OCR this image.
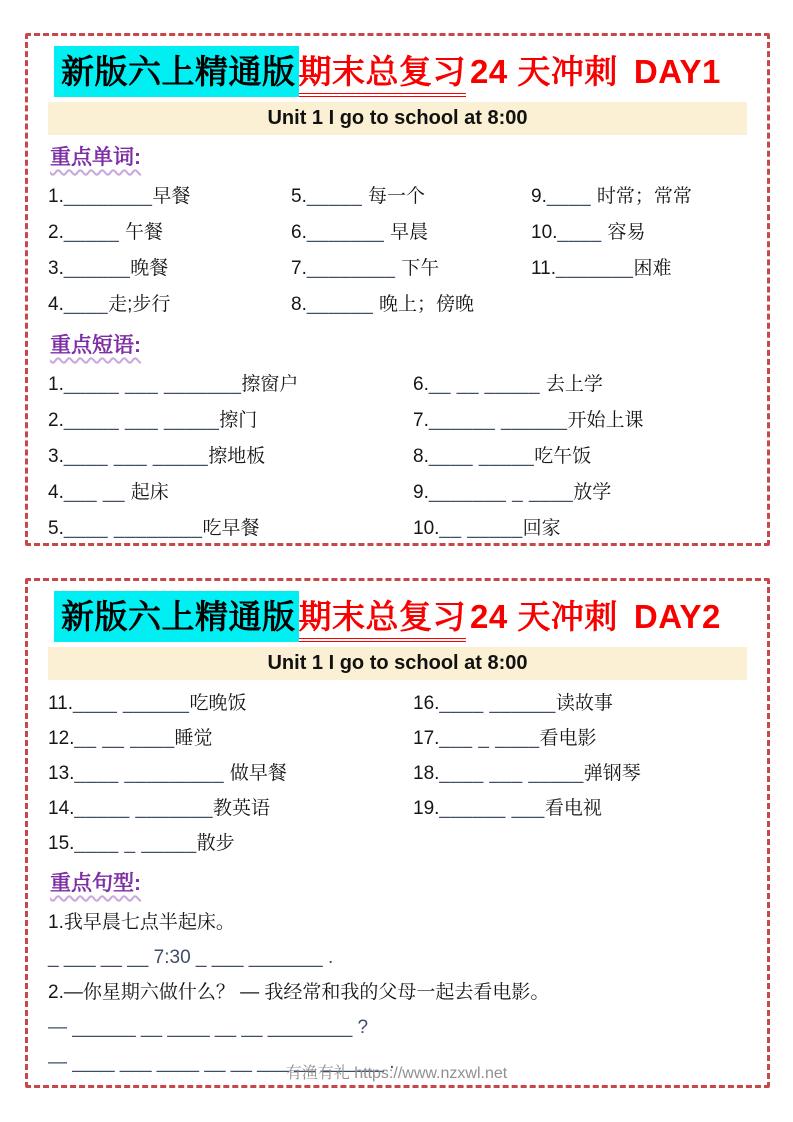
新版六上精通版期末总复习 24 天冲刺 DAY1
Unit 1 I go to school at 8:00
重点单词:
1.________早餐
2._____ 午餐
3.______晚餐
4.____走;步行
5._____ 每一个
6._______ 早晨
7.________ 下午
8.______ 晚上；傍晚
9.____ 时常；常常
10.____ 容易
11._______困难
重点短语:
1._____ ___ _______擦窗户
2._____ ___ _____擦门
3.____ ___ _____擦地板
4.___ __ 起床
5.____ ________吃早餐
6.__ __ _____ 去上学
7.______ ______开始上课
8.____ _____吃午饭
9._______ _ ____放学
10.__ _____回家
新版六上精通版期末总复习 24 天冲刺 DAY2
Unit 1 I go to school at 8:00
11.____ ______吃晚饭
12.__ __ ____睡觉
13.____ _________ 做早餐
14._____ _______教英语
15.____ _ _____散步
16.____ ______读故事
17.___ _ ____看电影
18.____ ___ _____弹钢琴
19.______ ___看电视
重点句型:
1.我早晨七点半起床。
_ ___ __ __ 7:30 _ ___ _______ .
2.—你星期六做什么？ — 我经常和我的父母一起去看电影。
— ______ __ ____ __ __ ________ ?
— ____ ___ ____ __ __ ___ __ ______ .
有渔有礼 https://www.nzxwl.net
